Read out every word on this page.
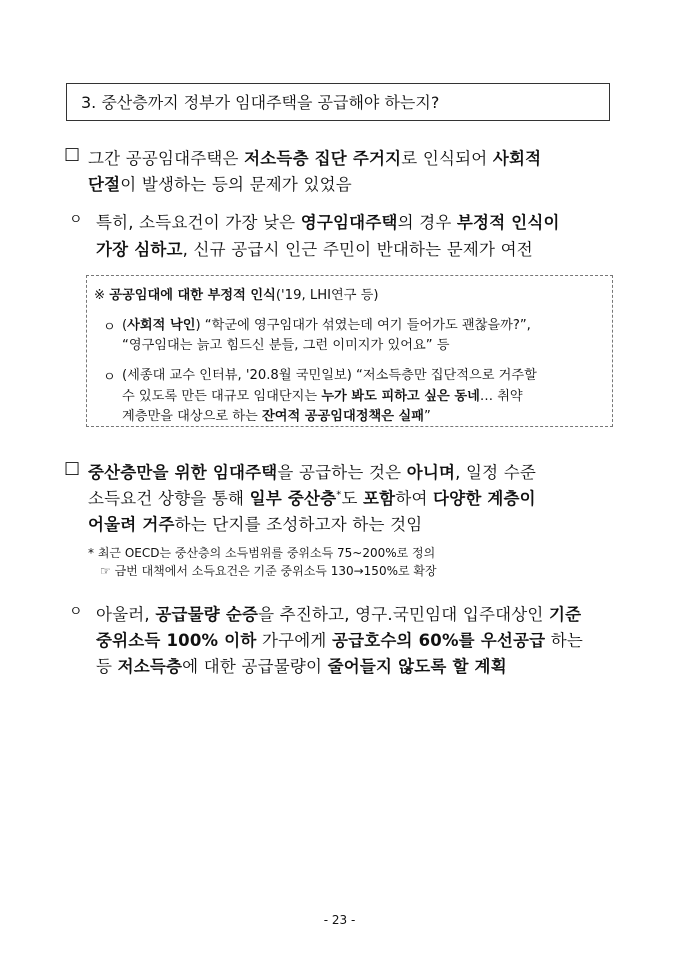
3. 중산층까지 정부가 임대주택을 공급해야 하는지?
□ 그간 공공임대주택은 저소득층 집단 주거지로 인식되어 사회적
단절이 발생하는 등의 문제가 있었음
ㅇ 특히, 소득요건이 가장 낮은 영구임대주택의 경우 부정적 인식이
가장 심하고, 신규 공급시 인근 주민이 반대하는 문제가 여전
※ 공공임대에 대한 부정적 인식('19, LHI연구 등)
ㅇ (사회적 낙인) “학군에 영구임대가 섞였는데 여기 들어가도 괜찮을까?”,
“영구임대는 늙고 힘드신 분들, 그런 이미지가 있어요” 등
ㅇ (세종대 교수 인터뷰, '20.8월 국민일보) “저소득층만 집단적으로 거주할
수 있도록 만든 대규모 임대단지는 누가 봐도 피하고 싶은 동네… 취약
계층만을 대상으로 하는 잔여적 공공임대정책은 실패”
□ 중산층만을 위한 임대주택을 공급하는 것은 아니며, 일정 수준
소득요건 상향을 통해 일부 중산층*도 포함하여 다양한 계층이
어울려 거주하는 단지를 조성하고자 하는 것임
* 최근 OECD는 중산층의 소득범위를 중위소득 75~200%로 정의
☞ 금번 대책에서 소득요건은 기준 중위소득 130→150%로 확장
ㅇ 아울러, 공급물량 순증을 추진하고, 영구.국민임대 입주대상인 기준
중위소득 100% 이하 가구에게 공급호수의 60%를 우선공급 하는
등 저소득층에 대한 공급물량이 줄어들지 않도록 할 계획
- 23 -
